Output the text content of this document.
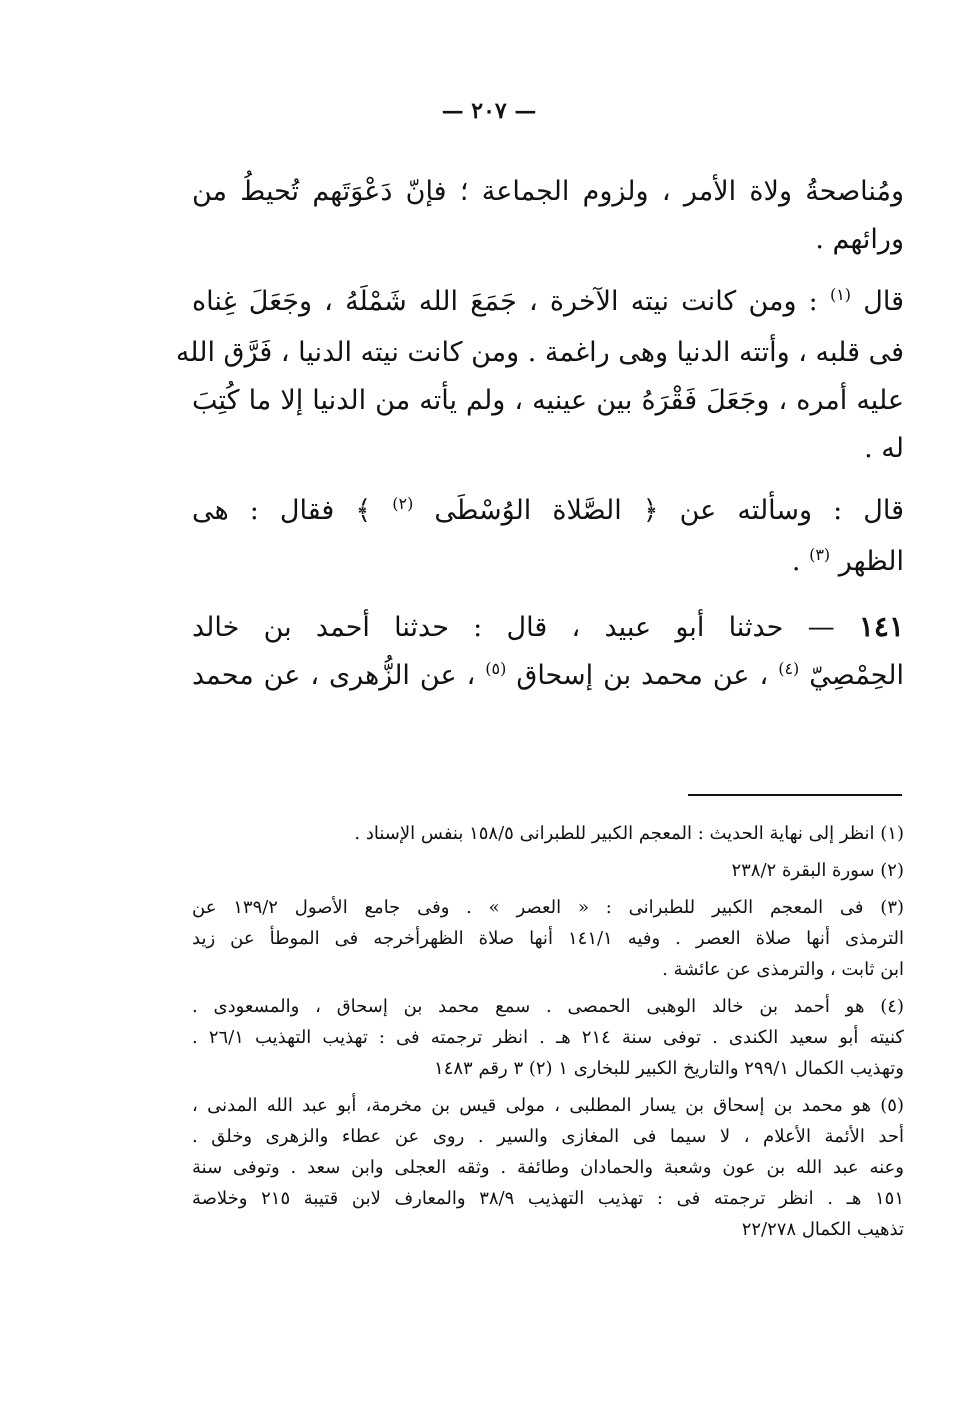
— ٢٠٧ —

ومُناصحةُ ولاة الأمر ، ولزوم الجماعة ؛ فإنّ دَعْوَتَهم تُحيطُ من
ورائهم .

قال $^{(١)}$ : ومن كانت نيته الآخرة ، جَمَعَ الله شَمْلَهُ ، وجَعَلَ غِناه
فى قلبه ، وأتته الدنيا وهى راغمة . ومن كانت نيته الدنيا ، فَرَّق الله
عليه أمره ، وجَعَلَ فَقْرَهُ بين عينيه ، ولم يأته من الدنيا إلا ما كُتِبَ
له .

قال : وسألته عن ﴿ الصَّلاة الوُسْطَى $^{(٢)}$ ﴾ فقال : هى
الظهر $^{(٣)}$ .

١٤١ — حدثنا أبو عبيد ، قال : حدثنا أحمد بن خالد
الحِمْصِيّ $^{(٤)}$ ، عن محمد بن إسحاق $^{(٥)}$ ، عن الزُّهرى ، عن محمد

(١) انظر إلى نهاية الحديث : المعجم الكبير للطبرانى ١٥٨/٥ بنفس الإسناد .
(٢) سورة البقرة ٢٣٨/٢
(٣) فى المعجم الكبير للطبرانى : « العصر » . وفى جامع الأصول ١٣٩/٢ عن
الترمذى أنها صلاة العصر . وفيه ١٤١/١ أنها صلاة الظهرأخرجه فى الموطأ عن زيد
ابن ثابت ، والترمذى عن عائشة .
(٤) هو أحمد بن خالد الوهبى الحمصى . سمع محمد بن إسحاق ، والمسعودى .
كنيته أبو سعيد الكندى . توفى سنة ٢١٤ هـ . انظر ترجمته فى : تهذيب التهذيب ٢٦/١ .
وتهذيب الكمال ٢٩٩/١ والتاريخ الكبير للبخارى ١ (٢) ٣ رقم ١٤٨٣
(٥) هو محمد بن إسحاق بن يسار المطلبى ، مولى قيس بن مخرمة، أبو عبد الله المدنى ،
أحد الأئمة الأعلام ، لا سيما فى المغازى والسير . روى عن عطاء والزهرى وخلق .
وعنه عبد الله بن عون وشعبة والحمادان وطائفة . وثقه العجلى وابن سعد . وتوفى سنة
١٥١ هـ . انظر ترجمته فى : تهذيب التهذيب ٣٨/٩ والمعارف لابن قتيبة ٢١٥ وخلاصة
تذهيب الكمال ٢٢/٢٧٨
